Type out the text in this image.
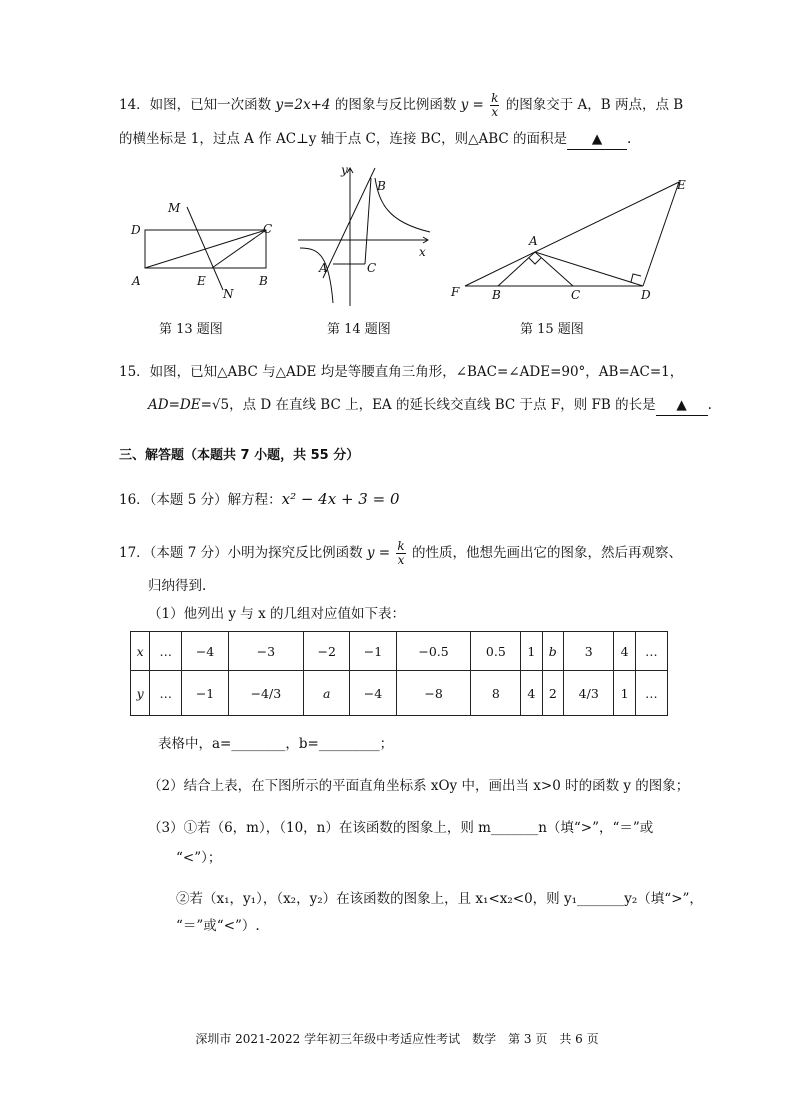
14．如图，已知一次函数 y=2x+4 的图象与反比例函数 $y = \frac{k}{x}$ 的图象交于 A，B 两点，点 B
的横坐标是 1，过点 A 作 AC⊥y 轴于点 C，连接 BC，则△ABC 的面积是 ▲ .
M
D	C
A	E
N
B
第 13 题图
y
B
x
A	C
第 14 题图
E
A
F	B	C	D
第 15 题图
15．如图，已知△ABC 与△ADE 均是等腰直角三角形，∠BAC=∠ADE=90°，AB=AC=1，
AD=DE=√5，点 D 在直线 BC 上，EA 的延长线交直线 BC 于点 F，则 FB 的长是 ▲ .
三、解答题（本题共 7 小题，共 55 分）
16．（本题 5 分）解方程：x² − 4x + 3 = 0
17．（本题 7 分）小明为探究反比例函数 $y = \frac{k}{x}$ 的性质，他想先画出它的图象，然后再观察、
归纳得到.
（1）他列出 y 与 x 的几组对应值如下表：
x	…	−4	−3	−2	−1	−0.5	0.5	1	b	3	4	…
y	…	−1	−4/3	a	−4	−8	8	4	2	4/3	1	…
表格中，a=________，b=_________；
（2）结合上表，在下图所示的平面直角坐标系 xOy 中，画出当 x>0 时的函数 y 的图象；
（3）①若（6，m），（10，n）在该函数的图象上，则 m_______n（填“>”，“＝”或
“<”）；
②若（x₁，y₁），（x₂，y₂）在该函数的图象上，且 x₁<x₂<0，则 y₁_______y₂（填“>”，
“＝”或“<”）.
深圳市 2021-2022 学年初三年级中考适应性考试　数学　第 3 页　共 6 页
